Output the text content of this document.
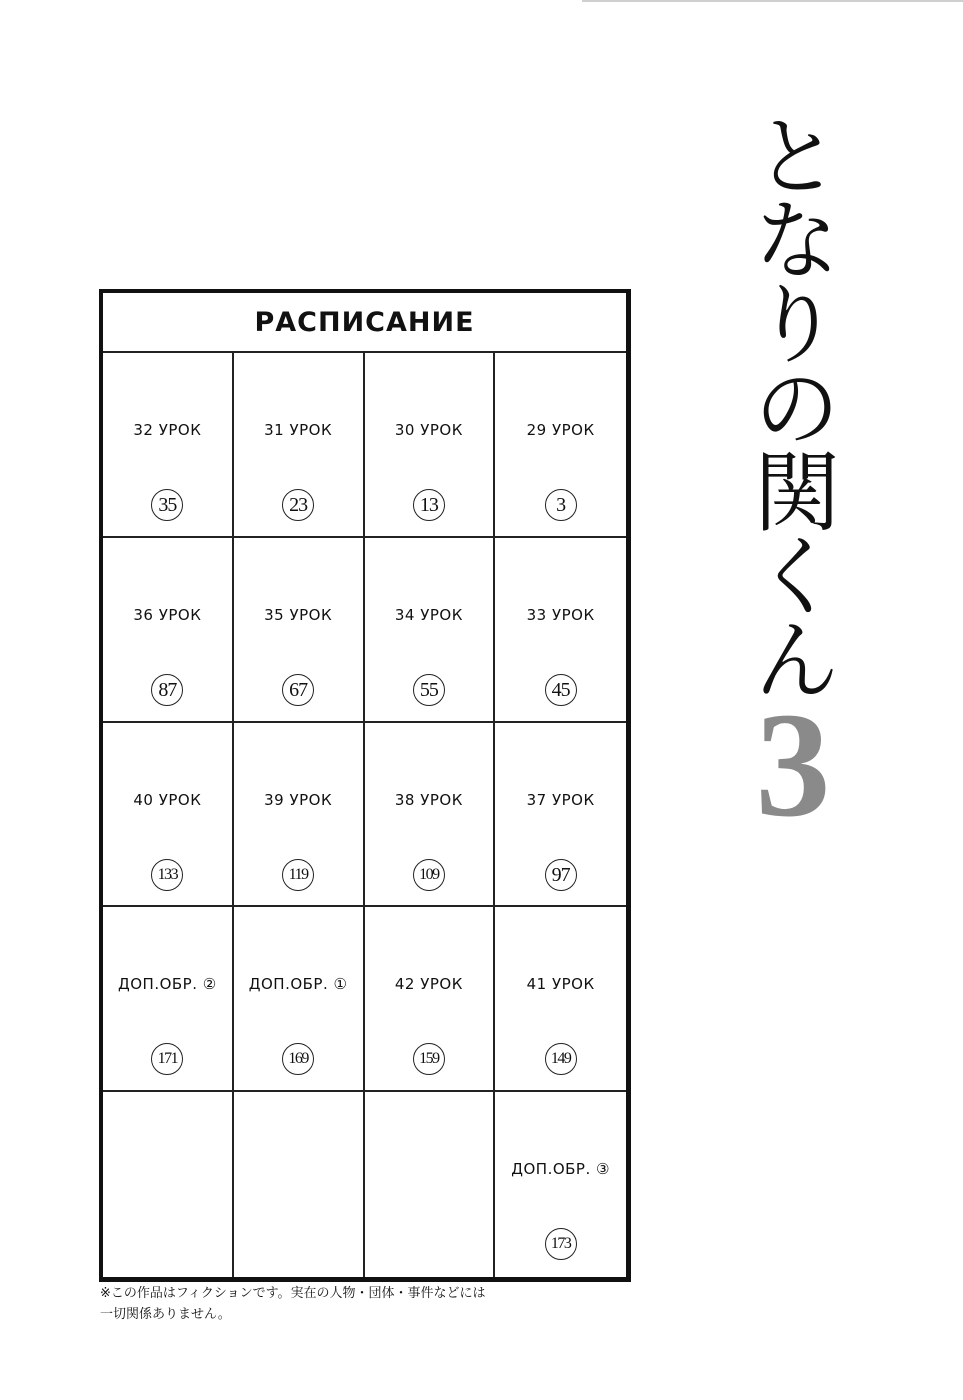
となりの関くん
3
РАСПИСАНИЕ
32 УРОК
35
31 УРОК
23
30 УРОК
13
29 УРОК
3
36 УРОК
87
35 УРОК
67
34 УРОК
55
33 УРОК
45
40 УРОК
133
39 УРОК
119
38 УРОК
109
37 УРОК
97
ДОП.ОБР. ②
171
ДОП.ОБР. ①
169
42 УРОК
159
41 УРОК
149
ДОП.ОБР. ③
173
※この作品はフィクションです。実在の人物・団体・事件などには
一切関係ありません。
